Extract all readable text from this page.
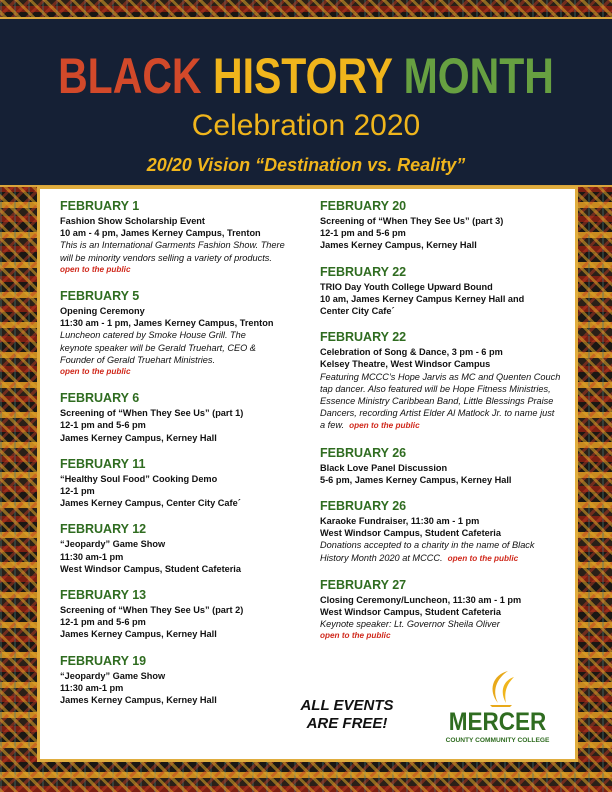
BLACK HISTORY MONTH
Celebration 2020
20/20 Vision “Destination vs. Reality”
FEBRUARY 1
Fashion Show Scholarship Event
10 am - 4 pm, James Kerney Campus, Trenton
This is an International Garments Fashion Show. There
will be minority vendors selling a variety of products.
open to the public
FEBRUARY 5
Opening Ceremony
11:30 am - 1 pm, James Kerney Campus, Trenton
Luncheon catered by Smoke House Grill. The
keynote speaker will be Gerald Truehart, CEO &
Founder of Gerald Truehart Ministries.
open to the public
FEBRUARY 6
Screening of “When They See Us” (part 1)
12-1 pm and 5-6 pm
James Kerney Campus, Kerney Hall
FEBRUARY 11
“Healthy Soul Food” Cooking Demo
12-1 pm
James Kerney Campus, Center City Cafe´
FEBRUARY 12
“Jeopardy” Game Show
11:30 am-1 pm
West Windsor Campus, Student Cafeteria
FEBRUARY 13
Screening of “When They See Us” (part 2)
12-1 pm and 5-6 pm
James Kerney Campus, Kerney Hall
FEBRUARY 19
“Jeopardy” Game Show
11:30 am-1 pm
James Kerney Campus, Kerney Hall
FEBRUARY 20
Screening of “When They See Us” (part 3)
12-1 pm and 5-6 pm
James Kerney Campus, Kerney Hall
FEBRUARY 22
TRIO Day Youth College Upward Bound
10 am, James Kerney Campus Kerney Hall and
Center City Cafe´
FEBRUARY 22
Celebration of Song & Dance, 3 pm - 6 pm
Kelsey Theatre, West Windsor Campus
Featuring MCCC’s Hope Jarvis as MC and Quenten Couch
tap dancer. Also featured will be Hope Fitness Ministries,
Essence Ministry Caribbean Band, Little Blessings Praise
Dancers, recording Artist Elder Al Matlock Jr. to name just
a few. open to the public
FEBRUARY 26
Black Love Panel Discussion
5-6 pm, James Kerney Campus, Kerney Hall
FEBRUARY 26
Karaoke Fundraiser, 11:30 am - 1 pm
West Windsor Campus, Student Cafeteria
Donations accepted to a charity in the name of Black
History Month 2020 at MCCC. open to the public
FEBRUARY 27
Closing Ceremony/Luncheon, 11:30 am - 1 pm
West Windsor Campus, Student Cafeteria
Keynote speaker: Lt. Governor Sheila Oliver
open to the public
ALL EVENTS
ARE FREE!	MERCER
COUNTY COMMUNITY COLLEGE
